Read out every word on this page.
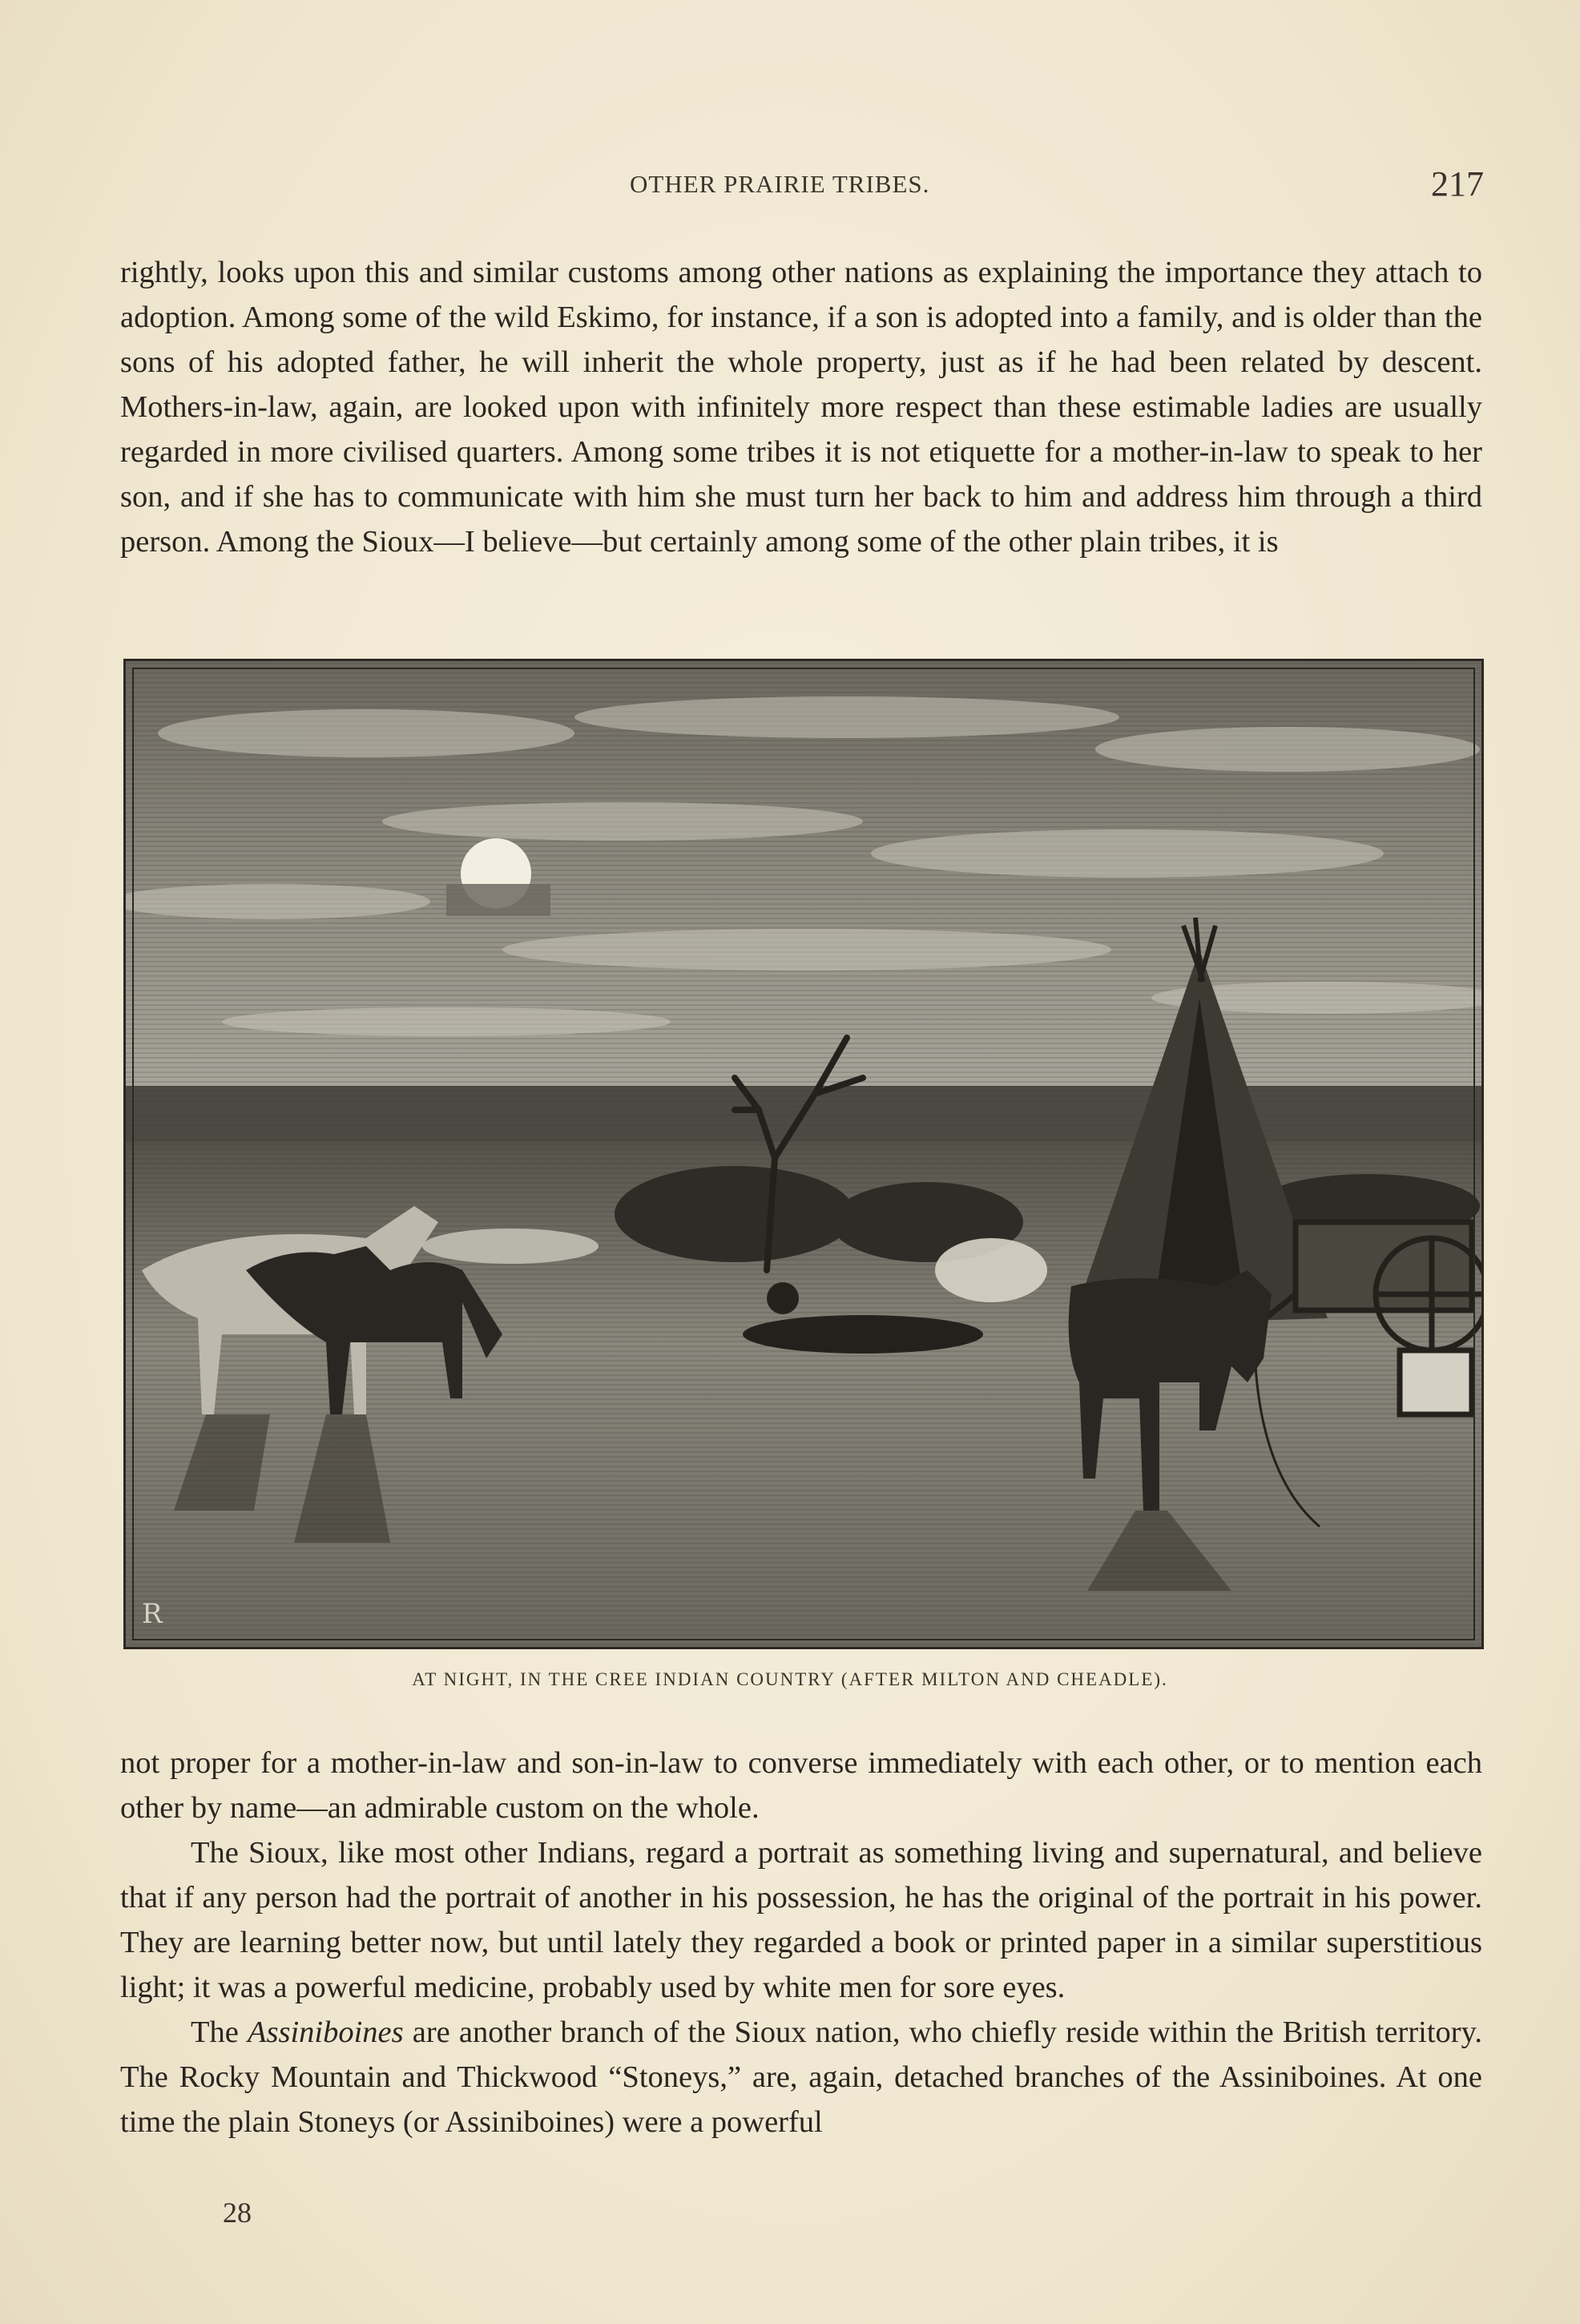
OTHER PRAIRIE TRIBES.	217

rightly, looks upon this and similar customs among other nations as explaining the importance they attach to adoption. Among some of the wild Eskimo, for instance, if a son is adopted into a family, and is older than the sons of his adopted father, he will inherit the whole property, just as if he had been related by descent. Mothers-in-law, again, are looked upon with infinitely more respect than these estimable ladies are usually regarded in more civilised quarters. Among some tribes it is not etiquette for a mother-in-law to speak to her son, and if she has to communicate with him she must turn her back to him and address him through a third person. Among the Sioux—I believe—but certainly among some of the other plain tribes, it is

R
AT NIGHT, IN THE CREE INDIAN COUNTRY (AFTER MILTON AND CHEADLE).

not proper for a mother-in-law and son-in-law to converse immediately with each other, or to mention each other by name—an admirable custom on the whole.

The Sioux, like most other Indians, regard a portrait as something living and supernatural, and believe that if any person had the portrait of another in his possession, he has the original of the portrait in his power. They are learning better now, but until lately they regarded a book or printed paper in a similar superstitious light; it was a powerful medicine, probably used by white men for sore eyes.

The Assiniboines are another branch of the Sioux nation, who chiefly reside within the British territory. The Rocky Mountain and Thickwood “Stoneys,” are, again, detached branches of the Assiniboines. At one time the plain Stoneys (or Assiniboines) were a powerful

28
